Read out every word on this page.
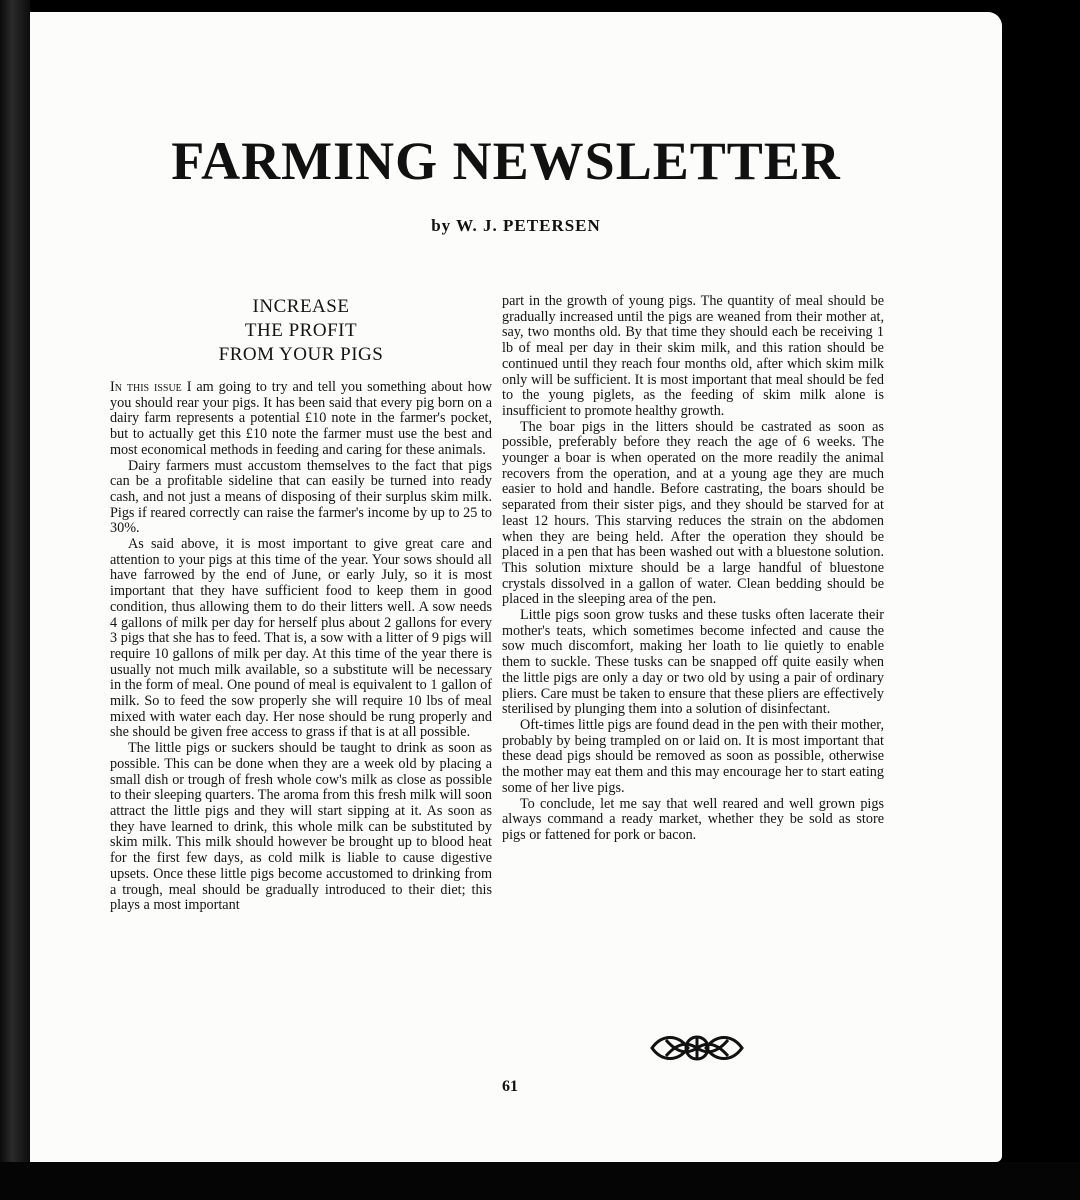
FARMING NEWSLETTER
by W. J. PETERSEN
INCREASE
THE PROFIT
FROM YOUR PIGS

In this issue I am going to try and tell you something about how you should rear your pigs. It has been said that every pig born on a dairy farm represents a potential £10 note in the farmer's pocket, but to actually get this £10 note the farmer must use the best and most economical methods in feeding and caring for these animals.

Dairy farmers must accustom themselves to the fact that pigs can be a profitable sideline that can easily be turned into ready cash, and not just a means of disposing of their surplus skim milk. Pigs if reared correctly can raise the farmer's income by up to 25 to 30%.

As said above, it is most important to give great care and attention to your pigs at this time of the year. Your sows should all have farrowed by the end of June, or early July, so it is most important that they have sufficient food to keep them in good condition, thus allowing them to do their litters well. A sow needs 4 gallons of milk per day for herself plus about 2 gallons for every 3 pigs that she has to feed. That is, a sow with a litter of 9 pigs will require 10 gallons of milk per day. At this time of the year there is usually not much milk available, so a substitute will be necessary in the form of meal. One pound of meal is equivalent to 1 gallon of milk. So to feed the sow properly she will require 10 lbs of meal mixed with water each day. Her nose should be rung properly and she should be given free access to grass if that is at all possible.

The little pigs or suckers should be taught to drink as soon as possible. This can be done when they are a week old by placing a small dish or trough of fresh whole cow's milk as close as possible to their sleeping quarters. The aroma from this fresh milk will soon attract the little pigs and they will start sipping at it. As soon as they have learned to drink, this whole milk can be substituted by skim milk. This milk should however be brought up to blood heat for the first few days, as cold milk is liable to cause digestive upsets. Once these little pigs become accustomed to drinking from a trough, meal should be gradually introduced to their diet; this plays a most important

part in the growth of young pigs. The quantity of meal should be gradually increased until the pigs are weaned from their mother at, say, two months old. By that time they should each be receiving 1 lb of meal per day in their skim milk, and this ration should be continued until they reach four months old, after which skim milk only will be sufficient. It is most important that meal should be fed to the young piglets, as the feeding of skim milk alone is insufficient to promote healthy growth.

The boar pigs in the litters should be castrated as soon as possible, preferably before they reach the age of 6 weeks. The younger a boar is when operated on the more readily the animal recovers from the operation, and at a young age they are much easier to hold and handle. Before castrating, the boars should be separated from their sister pigs, and they should be starved for at least 12 hours. This starving reduces the strain on the abdomen when they are being held. After the operation they should be placed in a pen that has been washed out with a bluestone solution. This solution mixture should be a large handful of bluestone crystals dissolved in a gallon of water. Clean bedding should be placed in the sleeping area of the pen.

Little pigs soon grow tusks and these tusks often lacerate their mother's teats, which sometimes become infected and cause the sow much discomfort, making her loath to lie quietly to enable them to suckle. These tusks can be snapped off quite easily when the little pigs are only a day or two old by using a pair of ordinary pliers. Care must be taken to ensure that these pliers are effectively sterilised by plunging them into a solution of disinfectant.

Oft-times little pigs are found dead in the pen with their mother, probably by being trampled on or laid on. It is most important that these dead pigs should be removed as soon as possible, otherwise the mother may eat them and this may encourage her to start eating some of her live pigs.

To conclude, let me say that well reared and well grown pigs always command a ready market, whether they be sold as store pigs or fattened for pork or bacon.

61
